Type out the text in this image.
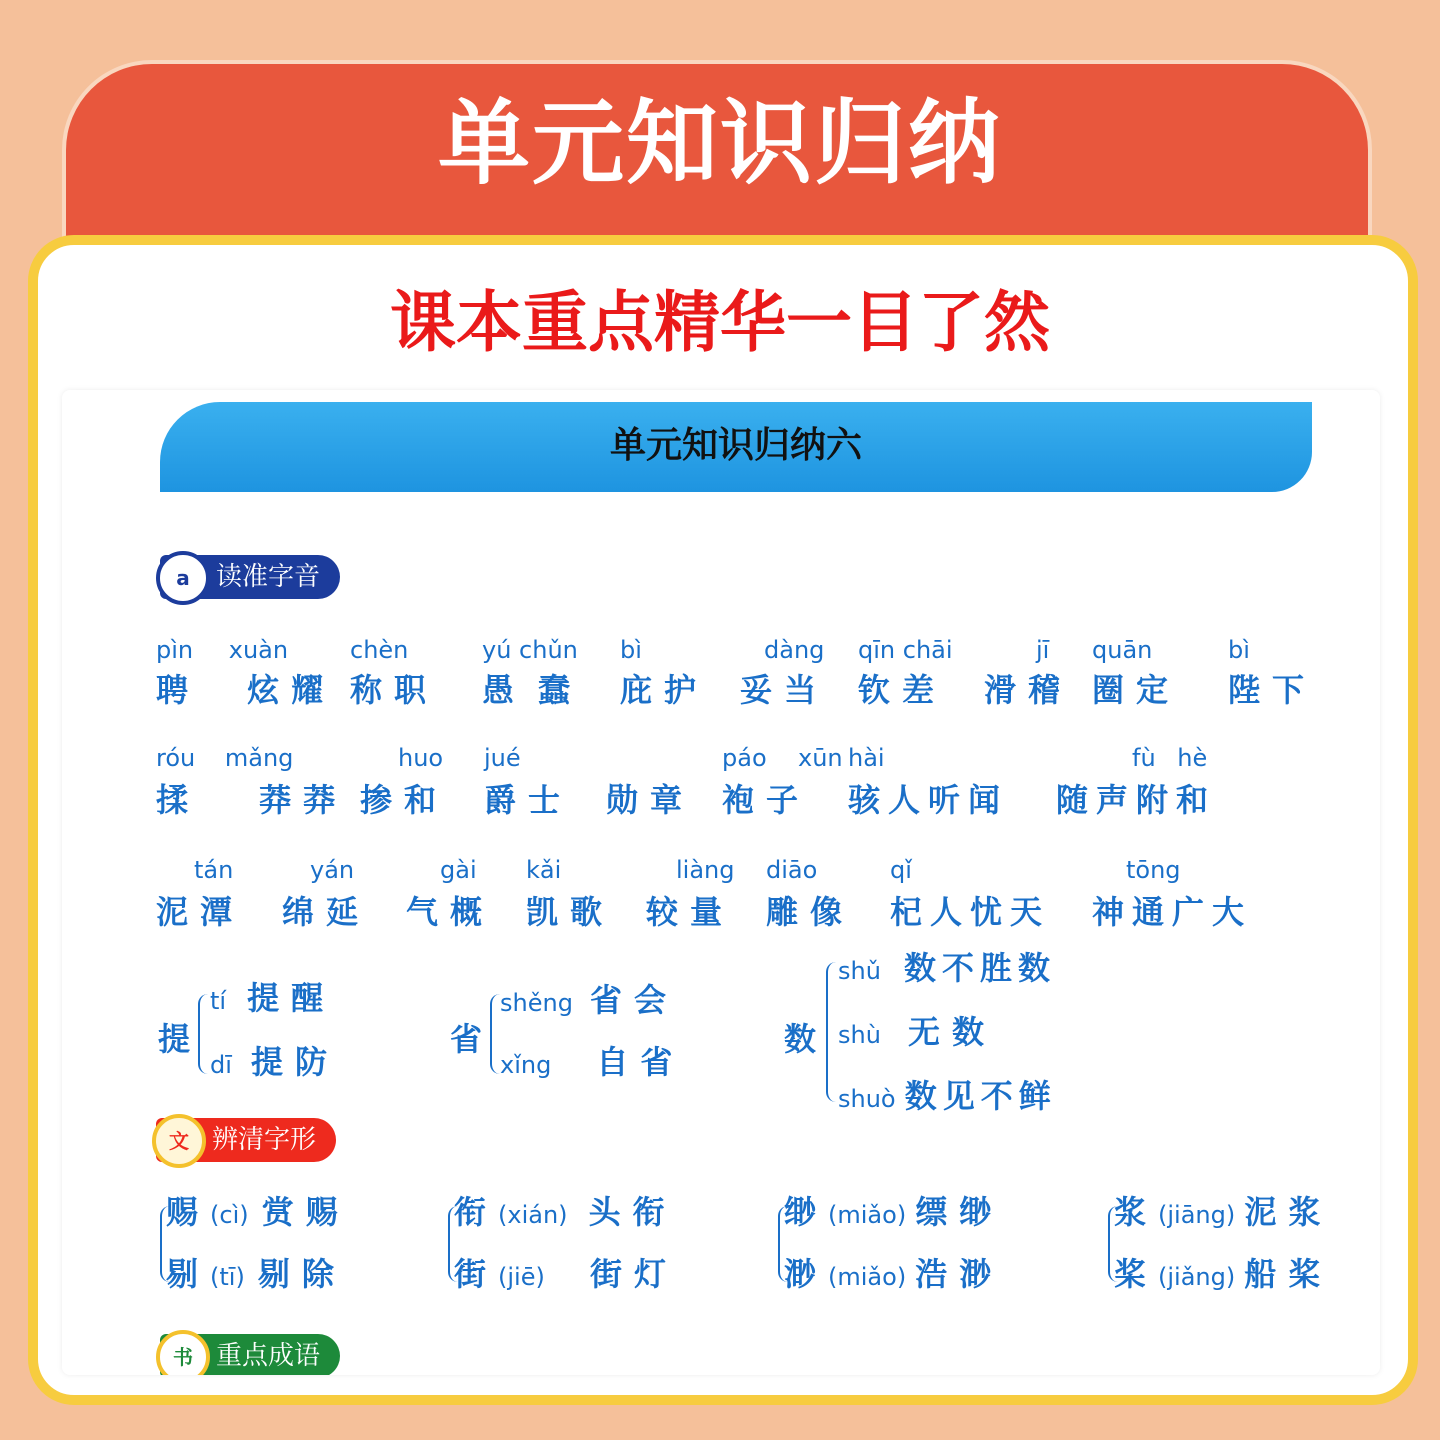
单元知识归纳
课本重点精华一目了然
单元知识归纳六
a	读准字音
pìn xuàn
聘 炫耀
chèn
称职
yú chǔn
愚蠢
bì
庇护
dàng
妥当
qīn chāi
钦差
jī
滑稽
quān
圈定
bì
陛下
róu mǎng
揉 莽莽
huo
掺和
jué
爵士
xūn
勋章
páo
袍子
hài
骇人听闻
fù hè
随声附和
tán
泥潭
yán
绵延
gài
气概
kǎi
凯歌
liàng
较量
diāo
雕像
qǐ
杞人忧天
tōng
神通广大
提
tí 提醒
dī 提防
省
shěng 省会
xǐng 自省
数
shǔ 数不胜数
shù 无数
shuò 数见不鲜
文 辨清字形
赐(cì) 赏赐
剔(tī) 剔除
衔(xián) 头衔
街(jiē) 街灯
缈(miǎo) 缥缈
渺(miǎo) 浩渺
浆(jiāng) 泥浆
桨(jiǎng) 船桨
书 重点成语
